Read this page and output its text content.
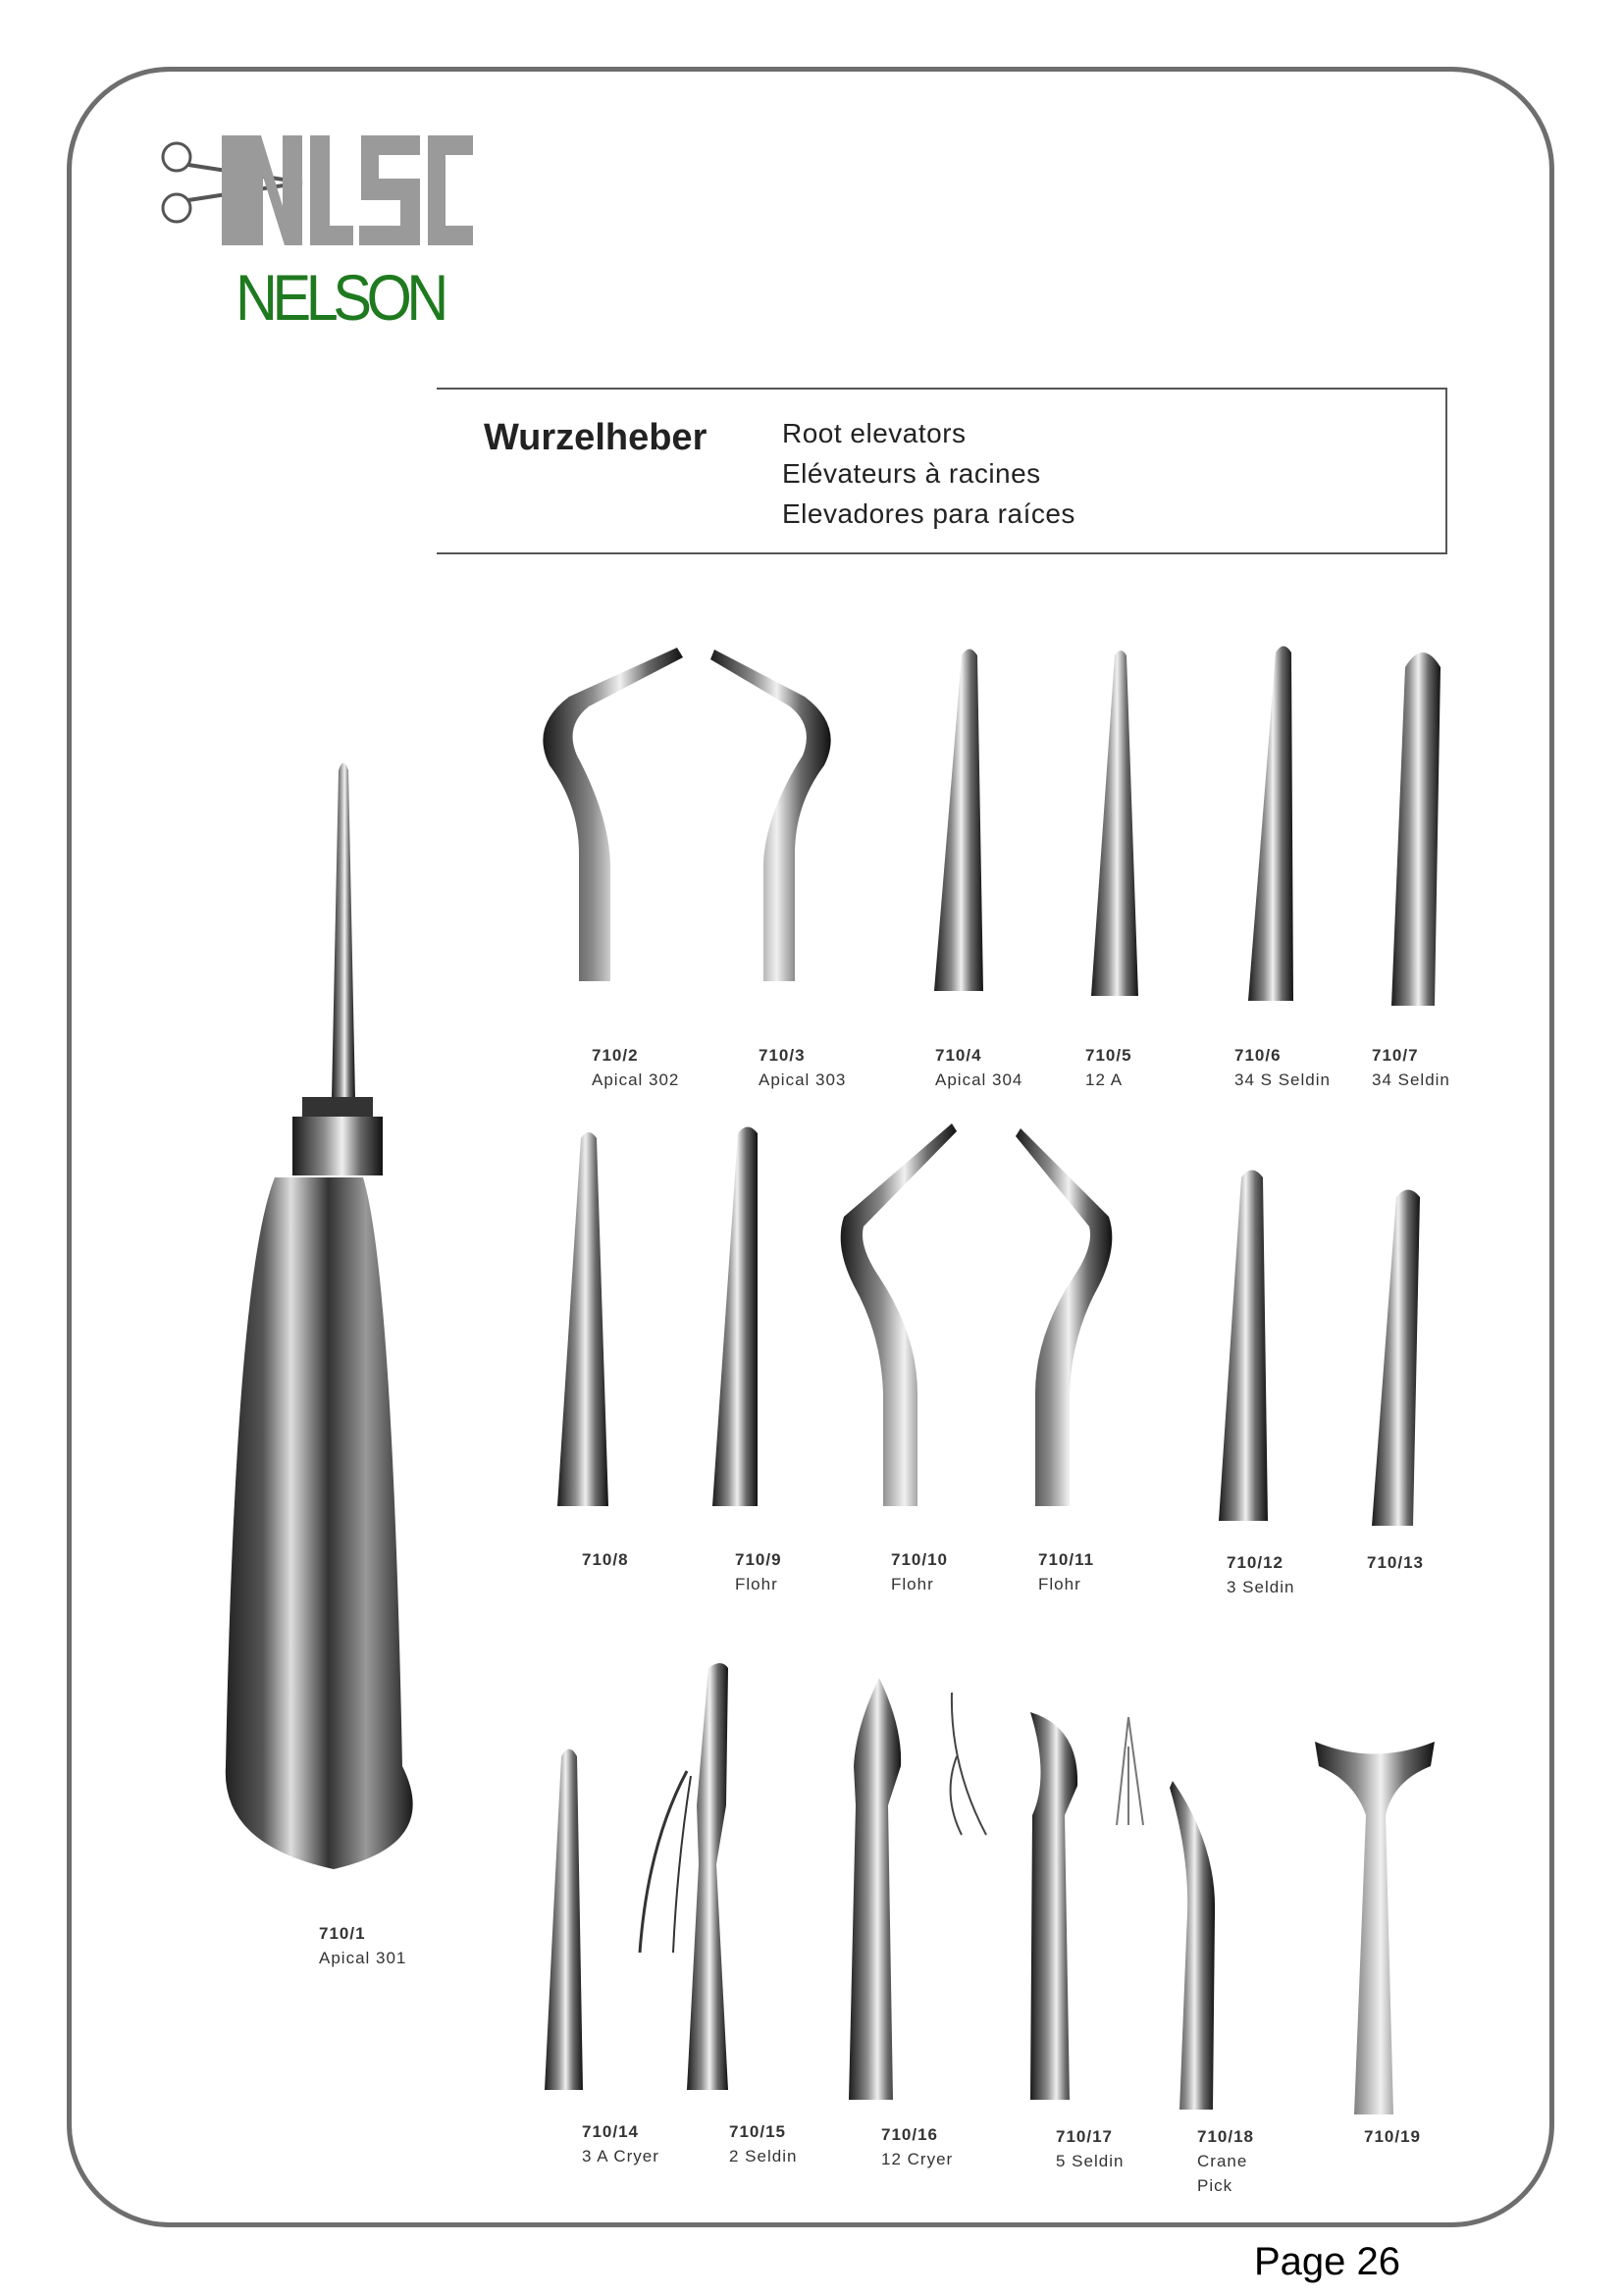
NELSON
Wurzelheber	Root elevators
Elévateurs à racines
Elevadores para raíces
710/1
Apical 301
710/2
Apical 302
710/3
Apical 303
710/4
Apical 304
710/5
12 A
710/6
34 S Seldin
710/7
34 Seldin
710/8	710/9
Flohr
710/10
Flohr
710/11
Flohr
710/12
3 Seldin
710/13
710/14
3 A Cryer
710/15
2 Seldin
710/16
12 Cryer
710/17
5 Seldin
710/18
Crane Pick
710/19
Page 26
